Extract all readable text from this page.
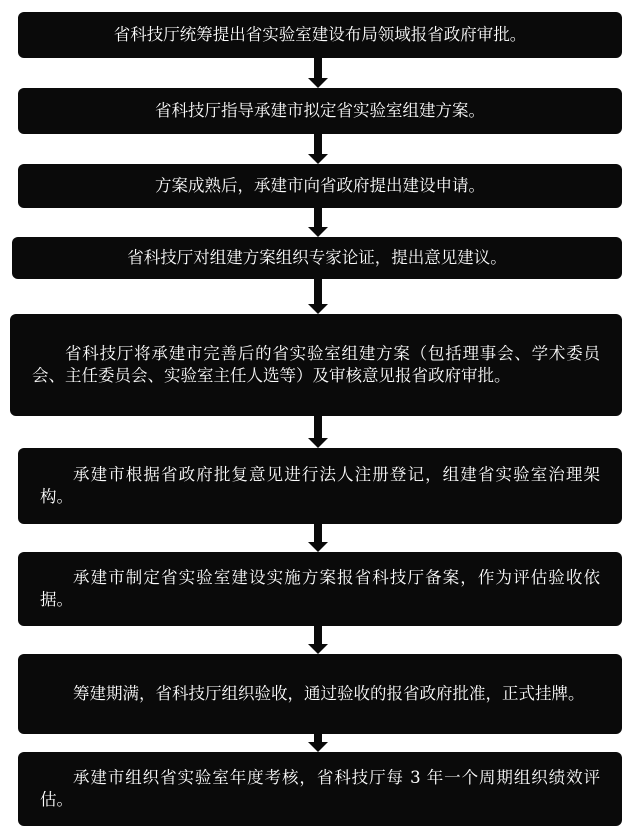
省科技厅统筹提出省实验室建设布局领域报省政府审批。
省科技厅指导承建市拟定省实验室组建方案。
方案成熟后，承建市向省政府提出建设申请。
省科技厅对组建方案组织专家论证，提出意见建议。
省科技厅将承建市完善后的省实验室组建方案（包括理事会、学术委员会、主任委员会、实验室主任人选等）及审核意见报省政府审批。
承建市根据省政府批复意见进行法人注册登记，组建省实验室治理架构。
承建市制定省实验室建设实施方案报省科技厅备案，作为评估验收依据。
筹建期满，省科技厅组织验收，通过验收的报省政府批准，正式挂牌。
承建市组织省实验室年度考核，省科技厅每 3 年一个周期组织绩效评估。
